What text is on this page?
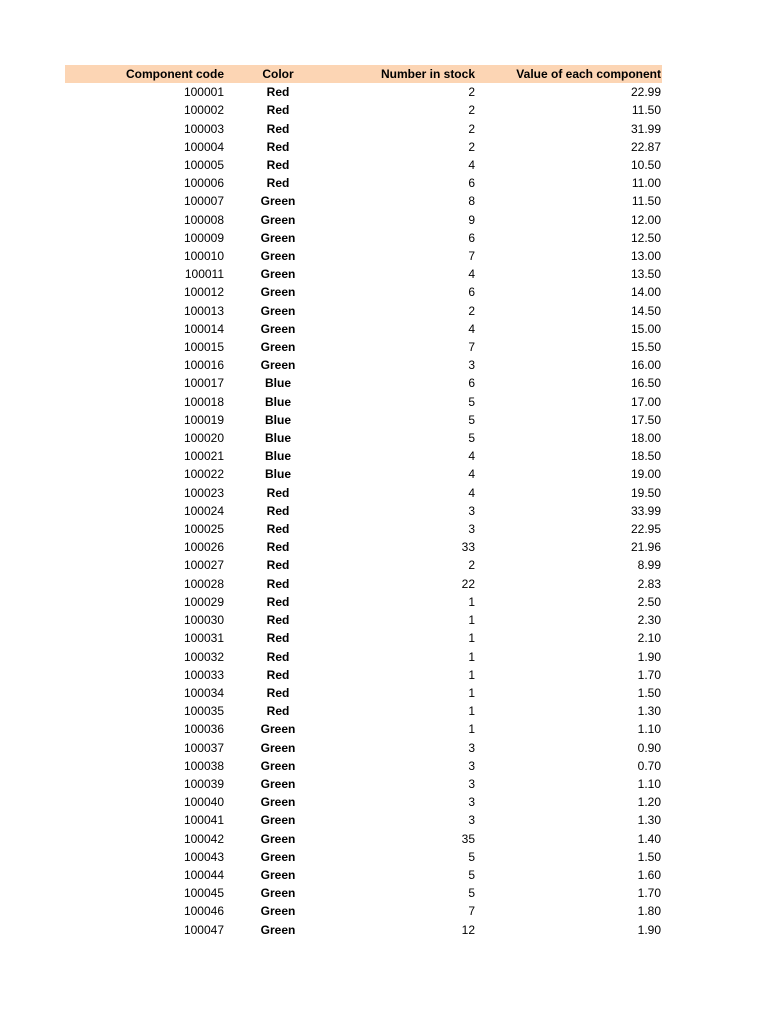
Component code	Color	Number in stock	Value of each component
100001	Red	2	22.99
100002	Red	2	11.50
100003	Red	2	31.99
100004	Red	2	22.87
100005	Red	4	10.50
100006	Red	6	11.00
100007	Green	8	11.50
100008	Green	9	12.00
100009	Green	6	12.50
100010	Green	7	13.00
100011	Green	4	13.50
100012	Green	6	14.00
100013	Green	2	14.50
100014	Green	4	15.00
100015	Green	7	15.50
100016	Green	3	16.00
100017	Blue	6	16.50
100018	Blue	5	17.00
100019	Blue	5	17.50
100020	Blue	5	18.00
100021	Blue	4	18.50
100022	Blue	4	19.00
100023	Red	4	19.50
100024	Red	3	33.99
100025	Red	3	22.95
100026	Red	33	21.96
100027	Red	2	8.99
100028	Red	22	2.83
100029	Red	1	2.50
100030	Red	1	2.30
100031	Red	1	2.10
100032	Red	1	1.90
100033	Red	1	1.70
100034	Red	1	1.50
100035	Red	1	1.30
100036	Green	1	1.10
100037	Green	3	0.90
100038	Green	3	0.70
100039	Green	3	1.10
100040	Green	3	1.20
100041	Green	3	1.30
100042	Green	35	1.40
100043	Green	5	1.50
100044	Green	5	1.60
100045	Green	5	1.70
100046	Green	7	1.80
100047	Green	12	1.90
